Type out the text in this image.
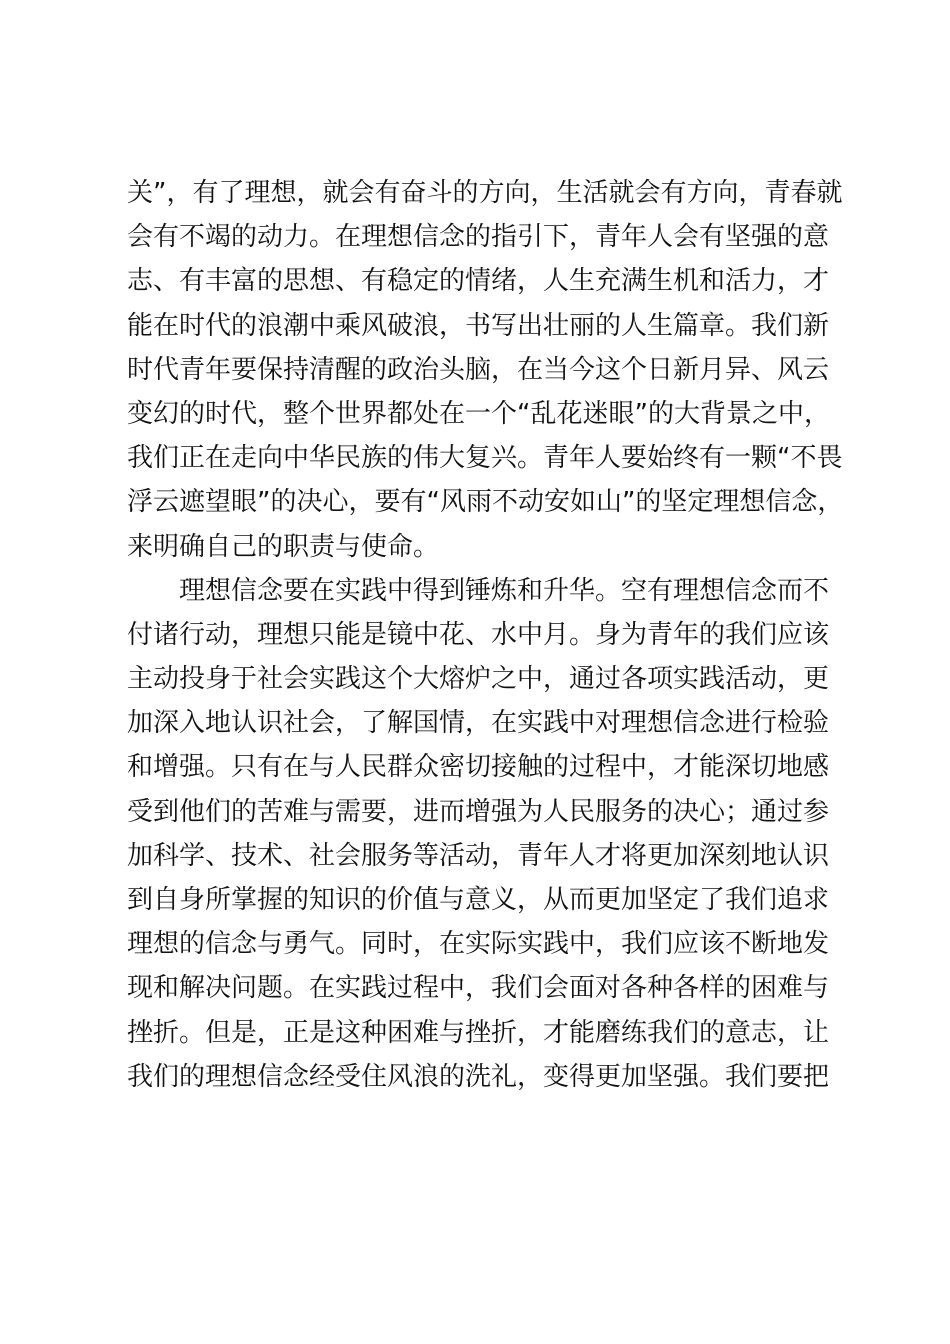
关”，有了理想，就会有奋斗的方向，生活就会有方向，青春就
会有不竭的动力。在理想信念的指引下，青年人会有坚强的意
志、有丰富的思想、有稳定的情绪，人生充满生机和活力，才
能在时代的浪潮中乘风破浪，书写出壮丽的人生篇章。我们新
时代青年要保持清醒的政治头脑，在当今这个日新月异、风云
变幻的时代，整个世界都处在一个“乱花迷眼”的大背景之中，
我们正在走向中华民族的伟大复兴。青年人要始终有一颗“不畏
浮云遮望眼”的决心，要有“风雨不动安如山”的坚定理想信念，
来明确自己的职责与使命。
理想信念要在实践中得到锤炼和升华。空有理想信念而不
付诸行动，理想只能是镜中花、水中月。身为青年的我们应该
主动投身于社会实践这个大熔炉之中，通过各项实践活动，更
加深入地认识社会，了解国情，在实践中对理想信念进行检验
和增强。只有在与人民群众密切接触的过程中，才能深切地感
受到他们的苦难与需要，进而增强为人民服务的决心；通过参
加科学、技术、社会服务等活动，青年人才将更加深刻地认识
到自身所掌握的知识的价值与意义，从而更加坚定了我们追求
理想的信念与勇气。同时，在实际实践中，我们应该不断地发
现和解决问题。在实践过程中，我们会面对各种各样的困难与
挫折。但是，正是这种困难与挫折，才能磨练我们的意志，让
我们的理想信念经受住风浪的洗礼，变得更加坚强。我们要把
